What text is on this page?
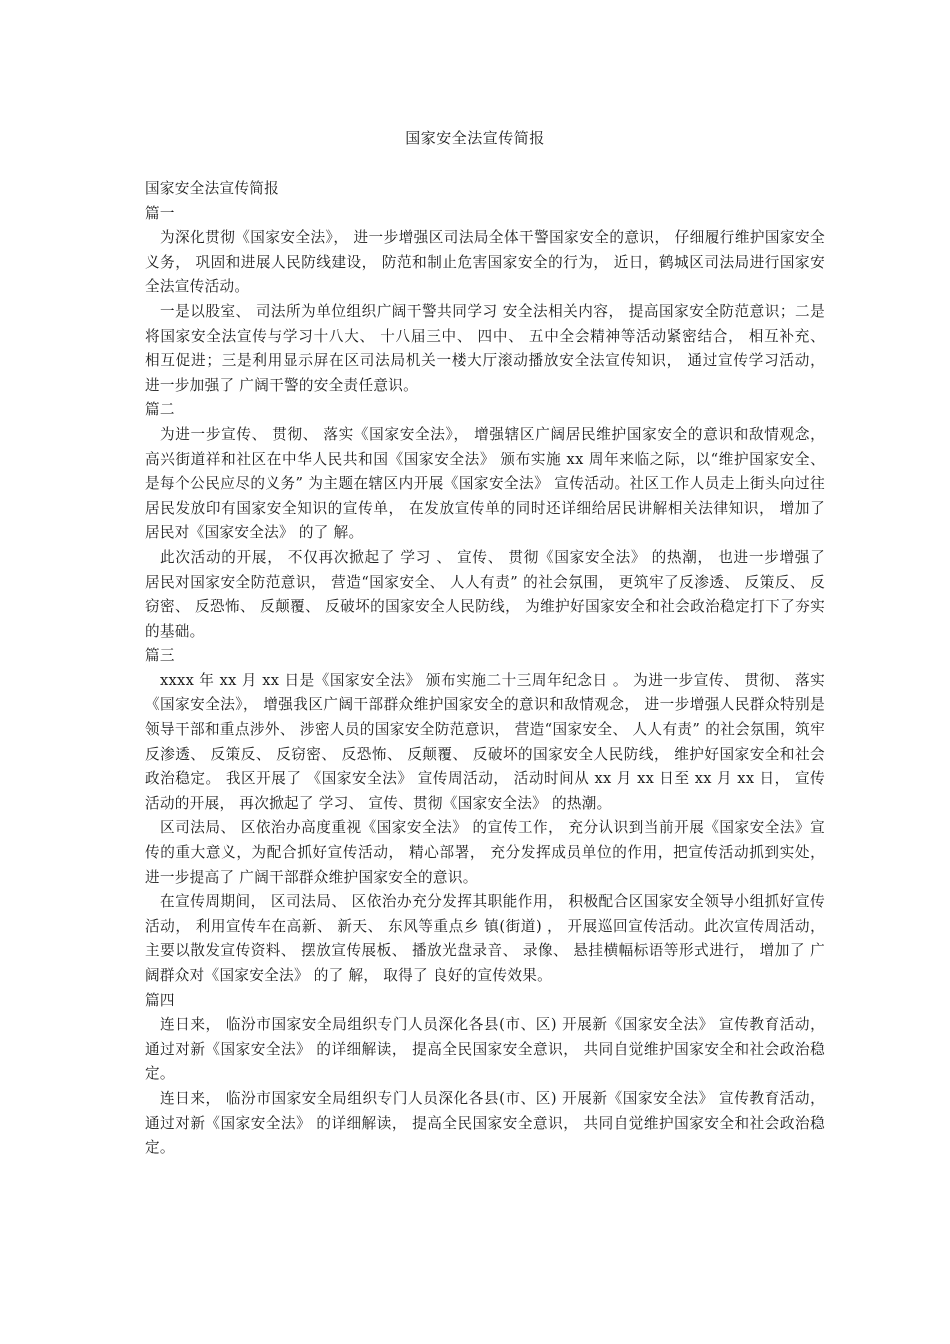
国家安全法宣传简报

国家安全法宣传简报

篇一

为深化贯彻《国家安全法》， 进一步增强区司法局全体干警国家安全的意识， 仔细履行维护国家安全义务， 巩固和进展人民防线建设， 防范和制止危害国家安全的行为， 近日，鹤城区司法局进行国家安全法宣传活动。

一是以股室、 司法所为单位组织广阔干警共同学习 安全法相关内容， 提高国家安全防范意识；二是将国家安全法宣传与学习十八大、 十八届三中、 四中、 五中全会精神等活动紧密结合， 相互补充、 相互促进；三是利用显示屏在区司法局机关一楼大厅滚动播放安全法宣传知识， 通过宣传学习活动， 进一步加强了 广阔干警的安全责任意识。

篇二

为进一步宣传、 贯彻、 落实《国家安全法》， 增强辖区广阔居民维护国家安全的意识和敌情观念， 高兴街道祥和社区在中华人民共和国《国家安全法》 颁布实施 xx 周年来临之际，以“维护国家安全、 是每个公民应尽的义务” 为主题在辖区内开展《国家安全法》 宣传活动。社区工作人员走上街头向过往居民发放印有国家安全知识的宣传单， 在发放宣传单的同时还详细给居民讲解相关法律知识， 增加了 居民对《国家安全法》 的了 解。

此次活动的开展， 不仅再次掀起了 学习 、 宣传、 贯彻《国家安全法》 的热潮， 也进一步增强了 居民对国家安全防范意识， 营造“国家安全、 人人有责” 的社会氛围， 更筑牢了反渗透、 反策反、 反窃密、 反恐怖、 反颠覆、 反破坏的国家安全人民防线， 为维护好国家安全和社会政治稳定打下了夯实的基础。

篇三

xxxx 年 xx 月 xx 日是《国家安全法》 颁布实施二十三周年纪念日 。 为进一步宣传、 贯彻、 落实《国家安全法》， 增强我区广阔干部群众维护国家安全的意识和敌情观念， 进一步增强人民群众特别是领导干部和重点涉外、 涉密人员的国家安全防范意识， 营造“国家安全、 人人有责” 的社会氛围，筑牢反渗透、 反策反、 反窃密、 反恐怖、 反颠覆、 反破坏的国家安全人民防线， 维护好国家安全和社会政治稳定。 我区开展了 《国家安全法》 宣传周活动， 活动时间从 xx 月 xx 日至 xx 月 xx 日， 宣传活动的开展， 再次掀起了 学习、 宣传、贯彻《国家安全法》 的热潮。

区司法局、 区依治办高度重视《国家安全法》 的宣传工作， 充分认识到当前开展《国家安全法》宣传的重大意义，为配合抓好宣传活动， 精心部署， 充分发挥成员单位的作用，把宣传活动抓到实处， 进一步提高了 广阔干部群众维护国家安全的意识。

在宣传周期间， 区司法局、 区依治办充分发挥其职能作用， 积极配合区国家安全领导小组抓好宣传活动， 利用宣传车在高新、 新天、 东风等重点乡 镇(街道) ， 开展巡回宣传活动。此次宣传周活动， 主要以散发宣传资料、 摆放宣传展板、 播放光盘录音、 录像、 悬挂横幅标语等形式进行， 增加了 广阔群众对《国家安全法》 的了 解， 取得了 良好的宣传效果。

篇四

连日来， 临汾市国家安全局组织专门人员深化各县(市、区) 开展新《国家安全法》 宣传教育活动， 通过对新《国家安全法》 的详细解读， 提高全民国家安全意识， 共同自觉维护国家安全和社会政治稳定。

连日来， 临汾市国家安全局组织专门人员深化各县(市、区) 开展新《国家安全法》 宣传教育活动， 通过对新《国家安全法》 的详细解读， 提高全民国家安全意识， 共同自觉维护国家安全和社会政治稳定。
